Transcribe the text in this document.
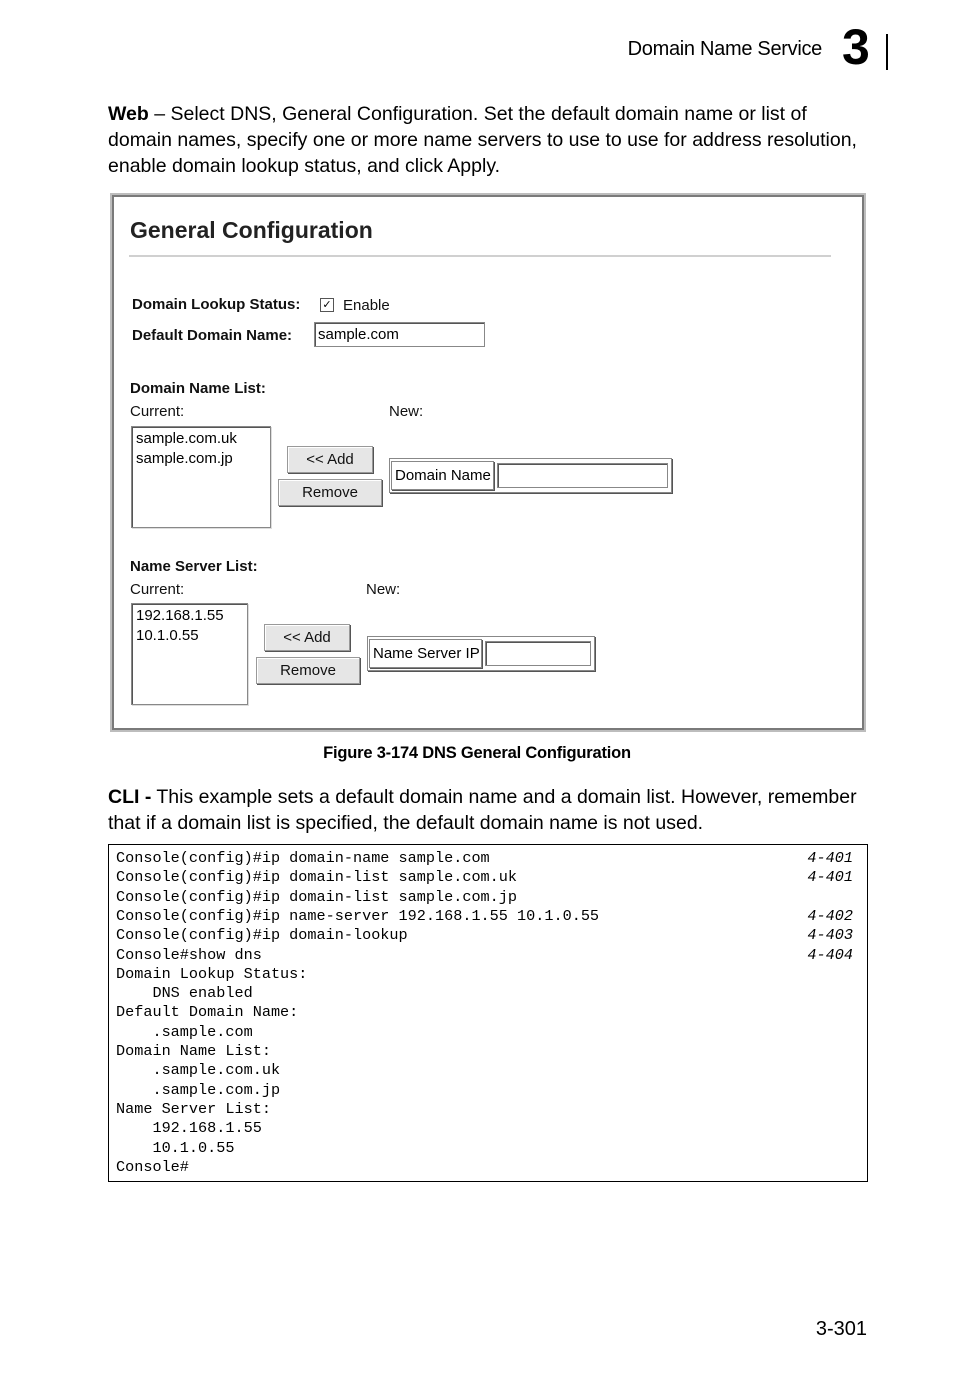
Domain Name Service 3
Web – Select DNS, General Configuration. Set the default domain name or list of domain names, specify one or more name servers to use to use for address resolution, enable domain lookup status, and click Apply.
General Configuration
Domain Lookup Status: ✓ Enable
Default Domain Name: sample.com
Domain Name List:
Current:	New:
sample.com.uk
sample.com.jp	<< Add
Remove
Domain Name
Name Server List:
Current:	New:
192.168.1.55
10.1.0.55	<< Add
Remove
Name Server IP
Figure 3-174 DNS General Configuration
CLI - This example sets a default domain name and a domain list. However, remember that if a domain list is specified, the default domain name is not used.
Console(config)#ip domain-name sample.com	4-401
Console(config)#ip domain-list sample.com.uk	4-401
Console(config)#ip domain-list sample.com.jp
Console(config)#ip name-server 192.168.1.55 10.1.0.55	4-402
Console(config)#ip domain-lookup	4-403
Console#show dns	4-404
Domain Lookup Status:
DNS enabled
Default Domain Name:
.sample.com
Domain Name List:
.sample.com.uk
.sample.com.jp
Name Server List:
192.168.1.55
10.1.0.55
Console#
3-301
